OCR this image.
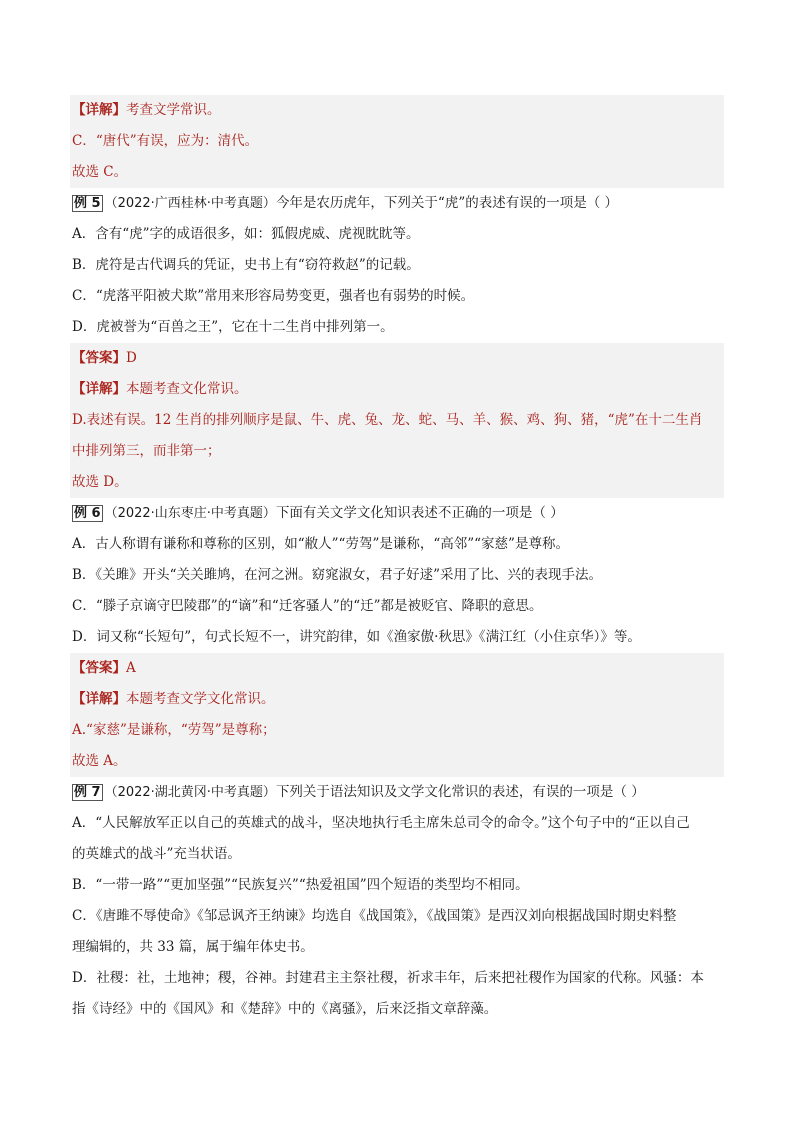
【详解】考查文学常识。
C．“唐代”有误，应为：清代。
故选 C。
例 5 （2022·广西桂林·中考真题）今年是农历虎年，下列关于“虎”的表述有误的一项是（ ）
A．含有“虎”字的成语很多，如：狐假虎威、虎视眈眈等。
B．虎符是古代调兵的凭证，史书上有“窃符救赵”的记载。
C．“虎落平阳被犬欺”常用来形容局势变更，强者也有弱势的时候。
D．虎被誉为“百兽之王”，它在十二生肖中排列第一。
【答案】D
【详解】本题考查文化常识。
D.表述有误。12 生肖的排列顺序是鼠、牛、虎、兔、龙、蛇、马、羊、猴、鸡、狗、猪，“虎”在十二生肖
中排列第三，而非第一；
故选 D。
例 6 （2022·山东枣庄·中考真题）下面有关文学文化知识表述不正确的一项是（ ）
A．古人称谓有谦称和尊称的区别，如“敝人”“劳驾”是谦称，“高邻”“家慈”是尊称。
B．《关雎》开头“关关雎鸠，在河之洲。窈窕淑女，君子好逑”采用了比、兴的表现手法。
C．“滕子京谪守巴陵郡”的“谪”和“迁客骚人”的“迁”都是被贬官、降职的意思。
D．词又称“长短句”，句式长短不一，讲究韵律，如《渔家傲·秋思》《满江红（小住京华）》等。
【答案】A
【详解】本题考查文学文化常识。
A.“家慈”是谦称，“劳驾”是尊称；
故选 A。
例 7 （2022·湖北黄冈·中考真题）下列关于语法知识及文学文化常识的表述，有误的一项是（ ）
A．“人民解放军正以自己的英雄式的战斗，坚决地执行毛主席朱总司令的命令。”这个句子中的“正以自己
的英雄式的战斗”充当状语。
B．“一带一路”“更加坚强”“民族复兴”“热爱祖国”四个短语的类型均不相同。
C．《唐雎不辱使命》《邹忌讽齐王纳谏》均选自《战国策》，《战国策》是西汉刘向根据战国时期史料整
理编辑的，共 33 篇，属于编年体史书。
D．社稷：社，土地神；稷，谷神。封建君主主祭社稷，祈求丰年，后来把社稷作为国家的代称。风骚：本
指《诗经》中的《国风》和《楚辞》中的《离骚》，后来泛指文章辞藻。
